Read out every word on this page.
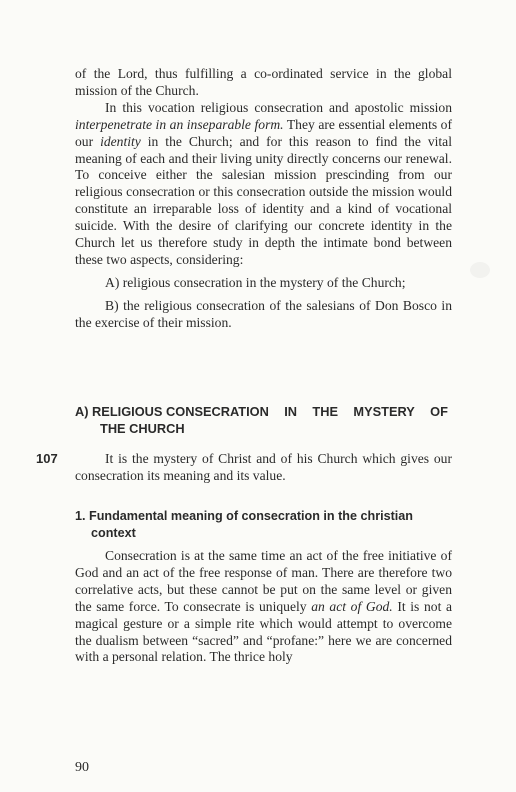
of the Lord, thus fulfilling a co-ordinated service in the global mission of the Church.

In this vocation religious consecration and apostolic mission interpenetrate in an inseparable form. They are essential elements of our identity in the Church; and for this reason to find the vital meaning of each and their living unity directly concerns our renewal. To conceive either the salesian mission prescinding from our religious consecration or this consecration outside the mission would constitute an irreparable loss of identity and a kind of vocational suicide. With the desire of clarifying our concrete identity in the Church let us therefore study in depth the intimate bond between these two aspects, considering:

A) religious consecration in the mystery of the Church;

B) the religious consecration of the salesians of Don Bosco in the exercise of their mission.

A) RELIGIOUS CONSECRATION IN THE MYSTERY OF
THE CHURCH
107	It is the mystery of Christ and of his Church which gives our consecration its meaning and its value.

1. Fundamental meaning of consecration in the christian
context

Consecration is at the same time an act of the free initiative of God and an act of the free response of man. There are therefore two correlative acts, but these cannot be put on the same level or given the same force. To consecrate is uniquely an act of God. It is not a magical gesture or a simple rite which would attempt to overcome the dualism between “sacred” and “profane:” here we are concerned with a personal relation. The thrice holy

90
